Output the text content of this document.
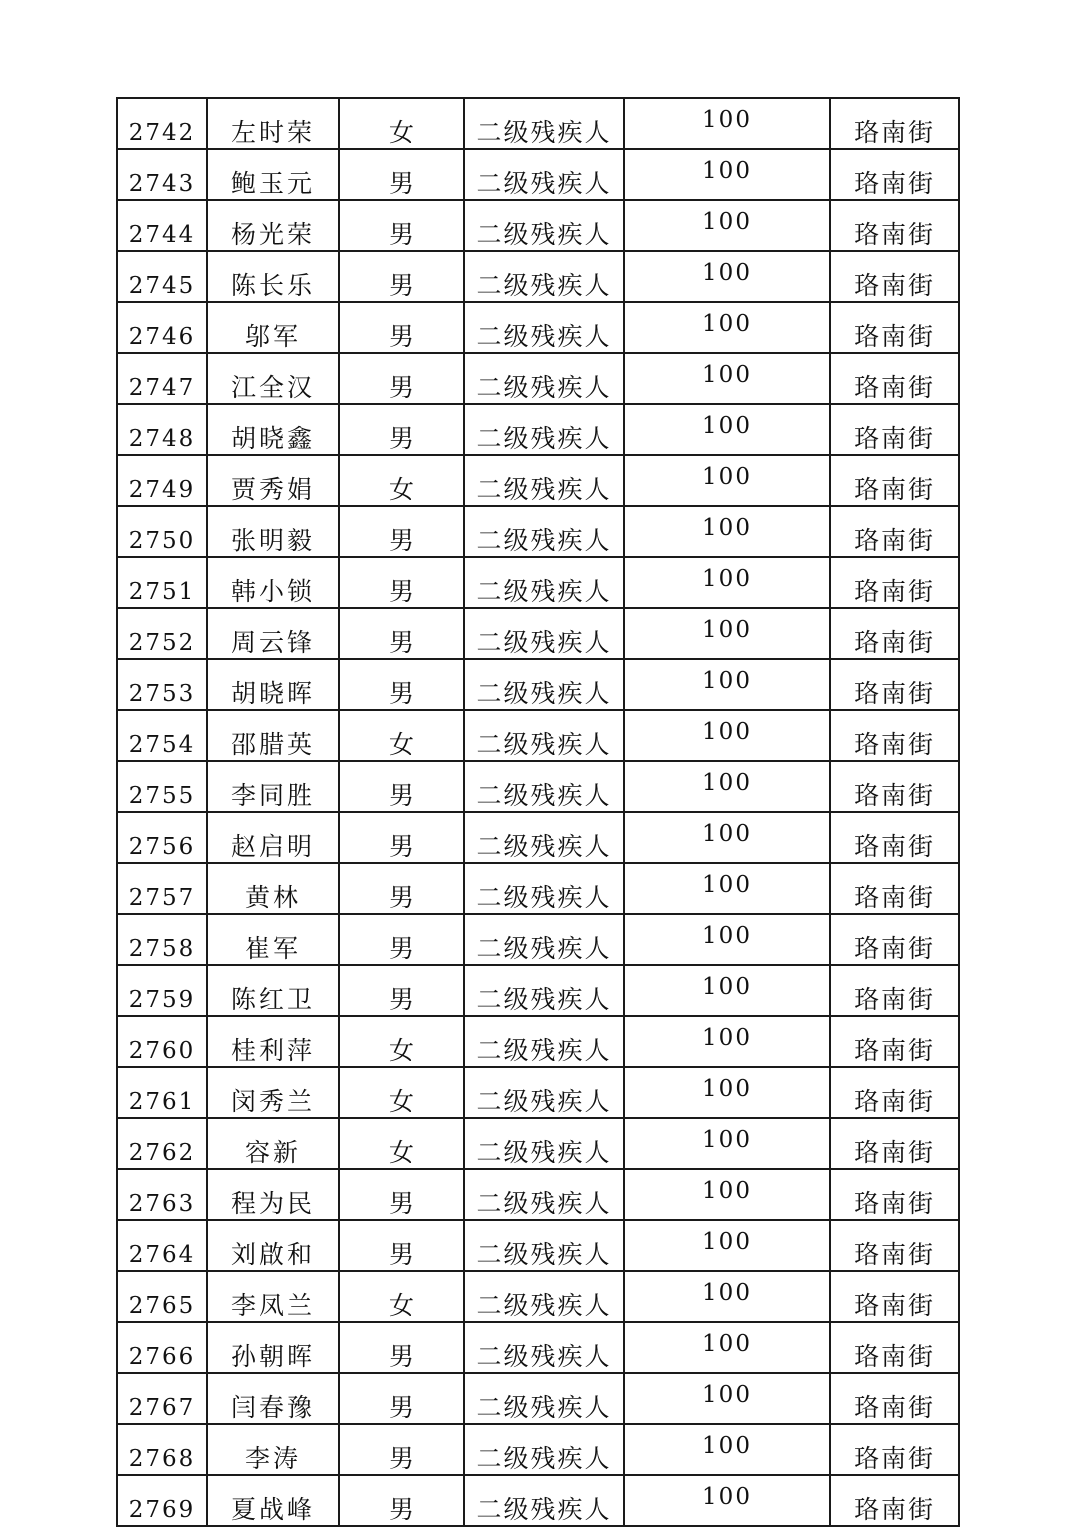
2742	左时荣	女	二级残疾人	100	珞南街
2743	鲍玉元	男	二级残疾人	100	珞南街
2744	杨光荣	男	二级残疾人	100	珞南街
2745	陈长乐	男	二级残疾人	100	珞南街
2746	邬军	男	二级残疾人	100	珞南街
2747	江全汉	男	二级残疾人	100	珞南街
2748	胡晓鑫	男	二级残疾人	100	珞南街
2749	贾秀娟	女	二级残疾人	100	珞南街
2750	张明毅	男	二级残疾人	100	珞南街
2751	韩小锁	男	二级残疾人	100	珞南街
2752	周云锋	男	二级残疾人	100	珞南街
2753	胡晓晖	男	二级残疾人	100	珞南街
2754	邵腊英	女	二级残疾人	100	珞南街
2755	李同胜	男	二级残疾人	100	珞南街
2756	赵启明	男	二级残疾人	100	珞南街
2757	黄林	男	二级残疾人	100	珞南街
2758	崔军	男	二级残疾人	100	珞南街
2759	陈红卫	男	二级残疾人	100	珞南街
2760	桂利萍	女	二级残疾人	100	珞南街
2761	闵秀兰	女	二级残疾人	100	珞南街
2762	容新	女	二级残疾人	100	珞南街
2763	程为民	男	二级残疾人	100	珞南街
2764	刘啟和	男	二级残疾人	100	珞南街
2765	李凤兰	女	二级残疾人	100	珞南街
2766	孙朝晖	男	二级残疾人	100	珞南街
2767	闫春豫	男	二级残疾人	100	珞南街
2768	李涛	男	二级残疾人	100	珞南街
2769	夏战峰	男	二级残疾人	100	珞南街
